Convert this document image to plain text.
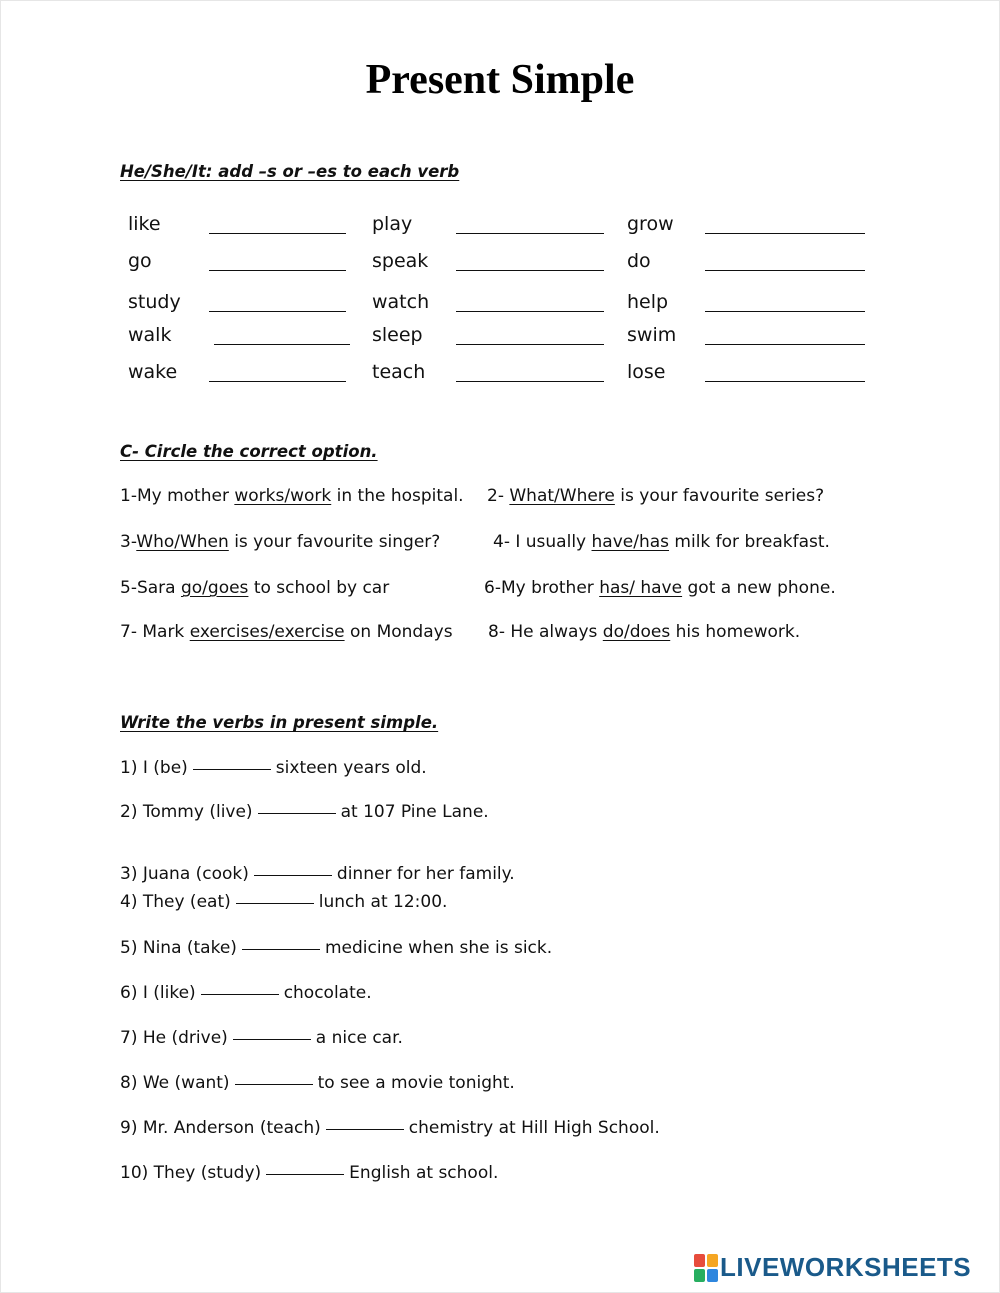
Present Simple
He/She/It: add –s or –es to each verb
like	play	grow
go	speak	do
study	watch	help
walk	sleep	swim
wake	teach	lose
C- Circle the correct option.
1-My mother works/work in the hospital. 2- What/Where is your favourite series?
3-Who/When is your favourite singer?	4- I usually have/has milk for breakfast.
5-Sara go/goes to school by car	6-My brother has/ have got a new phone.
7- Mark exercises/exercise on Mondays 8- He always do/does his homework.
Write the verbs in present simple.
1) I (be)	sixteen years old.
2) Tommy (live)	at 107 Pine Lane.
3) Juana (cook)	dinner for her family.
4) They (eat)	lunch at 12:00.
5) Nina (take)	medicine when she is sick.
6) I (like)	chocolate.
7) He (drive)	a nice car.
8) We (want)	to see a movie tonight.
9) Mr. Anderson (teach)	chemistry at Hill High School.
10) They (study)	English at school.
LIVEWORKSHEETS
